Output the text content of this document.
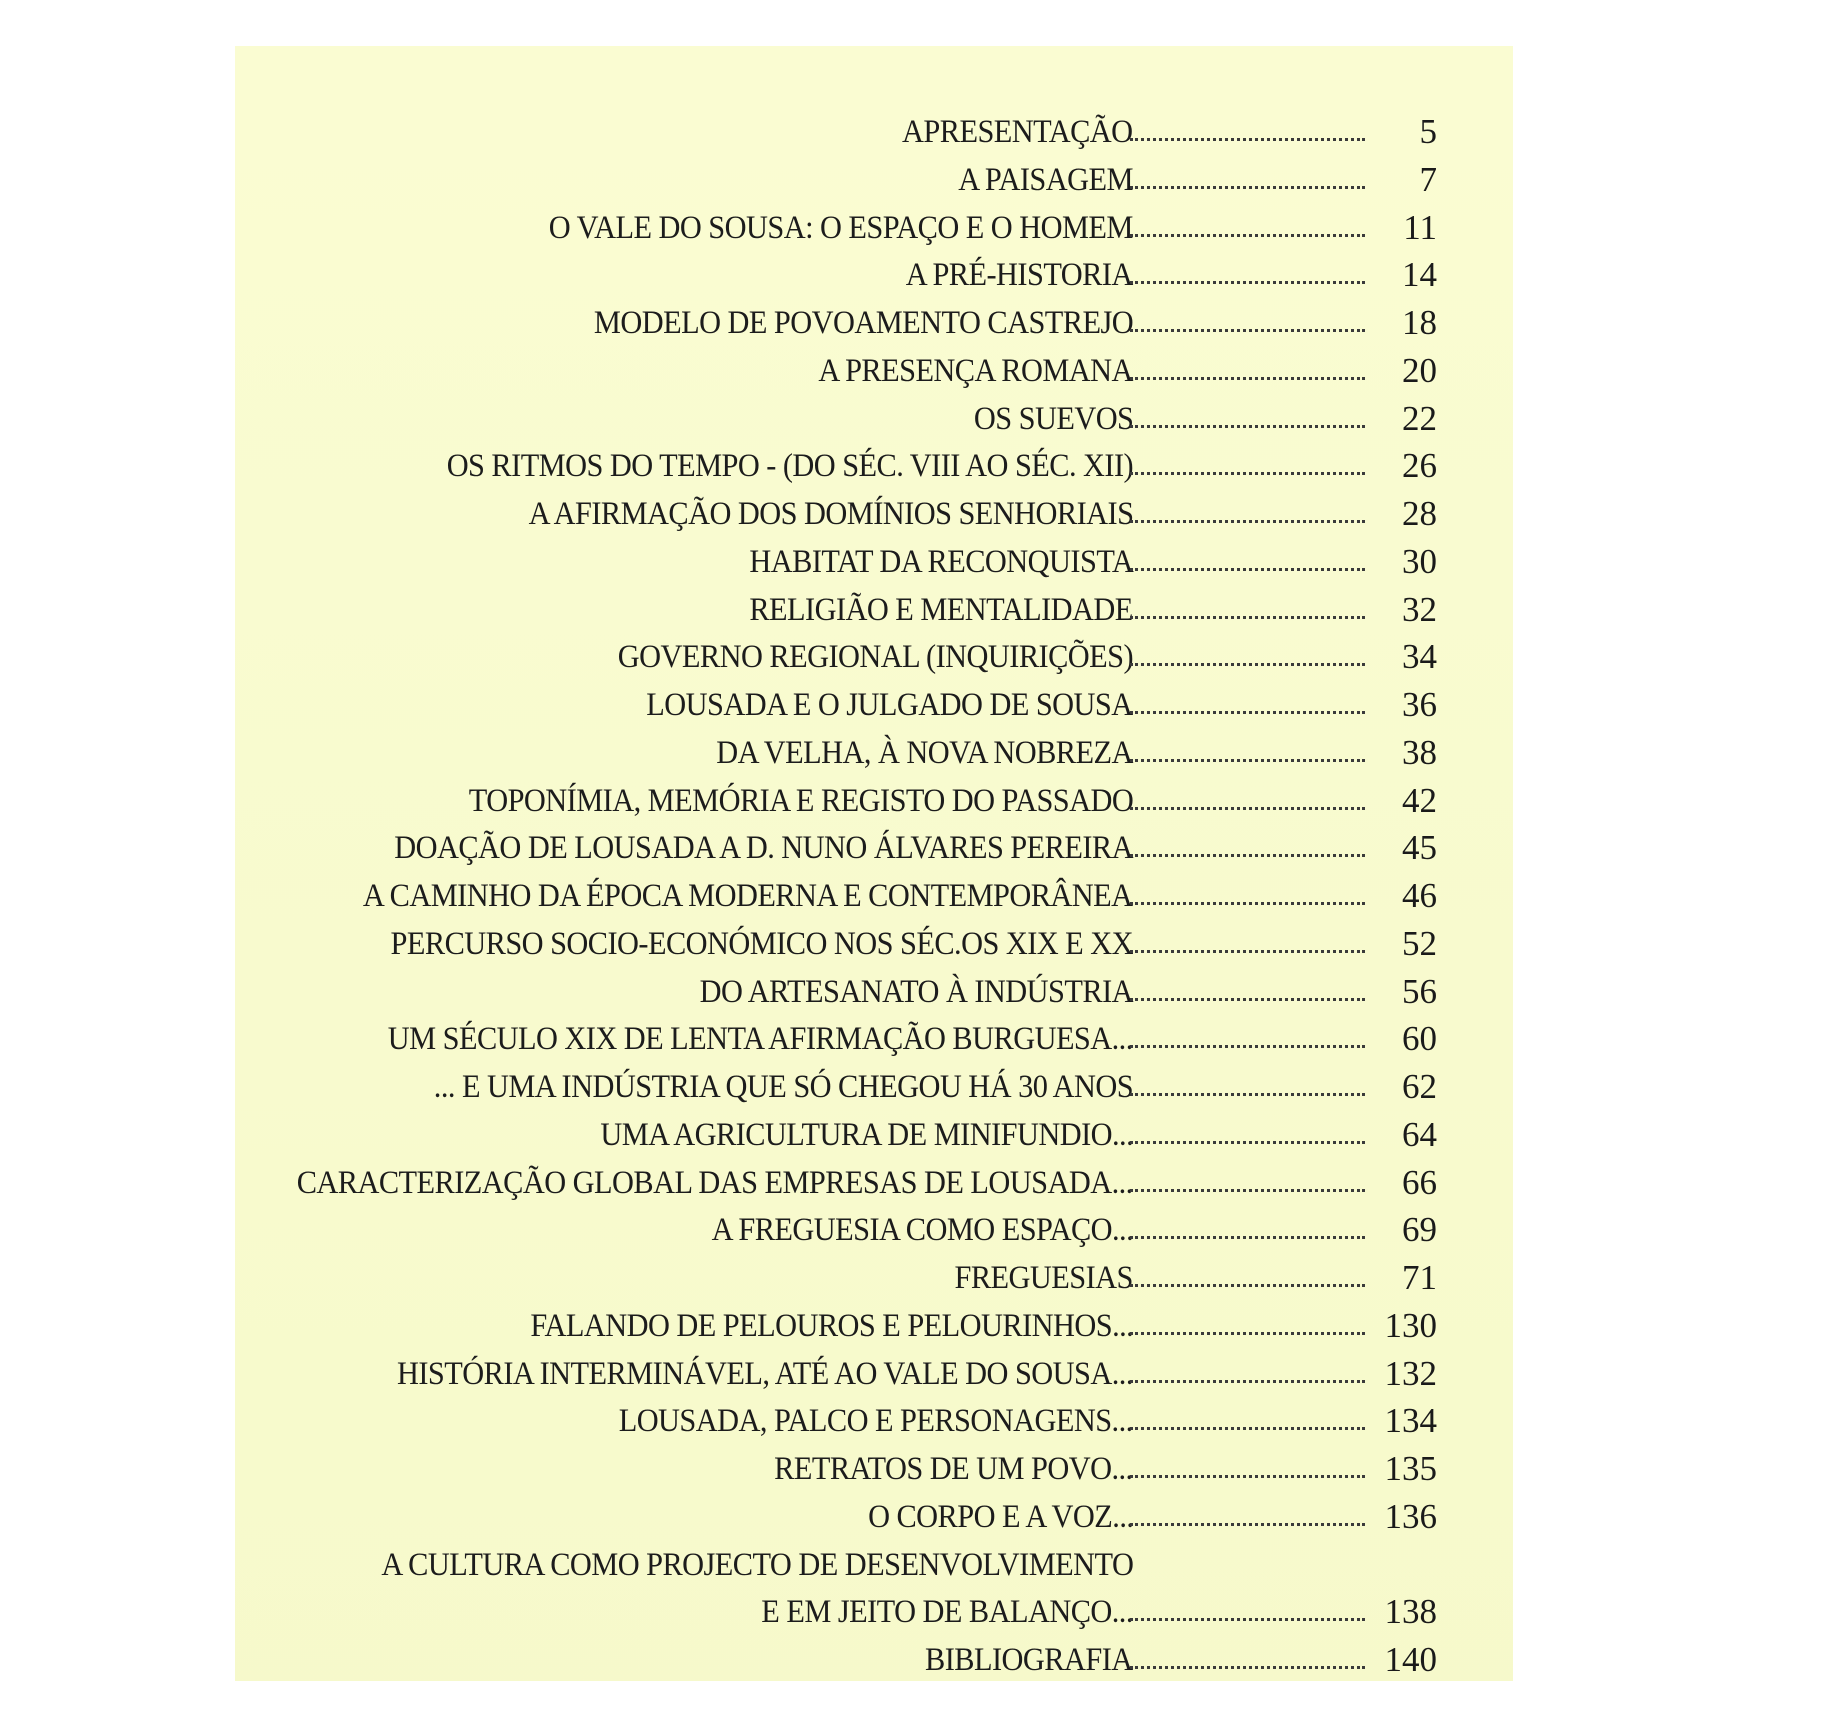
APRESENTAÇÃO	5
A PAISAGEM	7
O VALE DO SOUSA: O ESPAÇO E O HOMEM	11
A PRÉ-HISTORIA	14
MODELO DE POVOAMENTO CASTREJO	18
A PRESENÇA ROMANA	20
OS SUEVOS	22
OS RITMOS DO TEMPO - (DO SÉC. VIII AO SÉC. XII)	26
A AFIRMAÇÃO DOS DOMÍNIOS SENHORIAIS	28
HABITAT DA RECONQUISTA	30
RELIGIÃO E MENTALIDADE	32
GOVERNO REGIONAL (INQUIRIÇÕES)	34
LOUSADA E O JULGADO DE SOUSA	36
DA VELHA, À NOVA NOBREZA	38
TOPONÍMIA, MEMÓRIA E REGISTO DO PASSADO	42
DOAÇÃO DE LOUSADA A D. NUNO ÁLVARES PEREIRA	45
A CAMINHO DA ÉPOCA MODERNA E CONTEMPORÂNEA	46
PERCURSO SOCIO-ECONÓMICO NOS SÉC.OS XIX E XX	52
DO ARTESANATO À INDÚSTRIA	56
UM SÉCULO XIX DE LENTA AFIRMAÇÃO BURGUESA...	60
... E UMA INDÚSTRIA QUE SÓ CHEGOU HÁ 30 ANOS	62
UMA AGRICULTURA DE MINIFUNDIO...	64
CARACTERIZAÇÃO GLOBAL DAS EMPRESAS DE LOUSADA...	66
A FREGUESIA COMO ESPAÇO...	69
FREGUESIAS	71
FALANDO DE PELOUROS E PELOURINHOS...	130
HISTÓRIA INTERMINÁVEL, ATÉ AO VALE DO SOUSA...	132
LOUSADA, PALCO E PERSONAGENS...	134
RETRATOS DE UM POVO...	135
O CORPO E A VOZ...	136
A CULTURA COMO PROJECTO DE DESENVOLVIMENTO
E EM JEITO DE BALANÇO...	138
BIBLIOGRAFIA	140
